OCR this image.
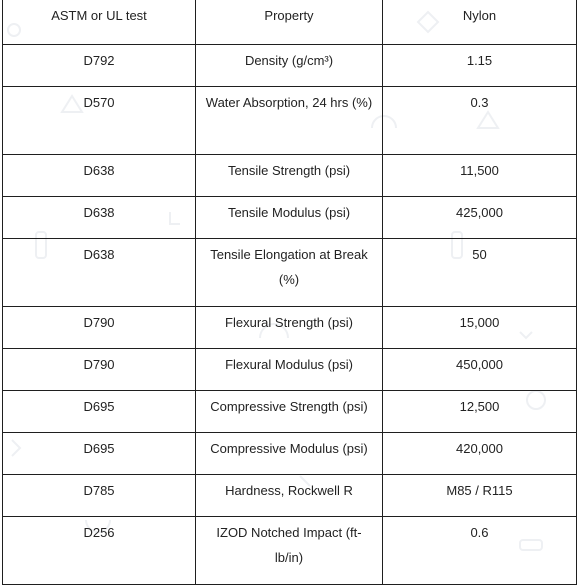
ASTM or UL test	Property	Nylon
D792	Density (g/cm³)	1.15
D570	Water Absorption, 24 hrs (%)	0.3
D638	Tensile Strength (psi)	11,500
D638	Tensile Modulus (psi)	425,000
D638	Tensile Elongation at Break (%)	50
D790	Flexural Strength (psi)	15,000
D790	Flexural Modulus (psi)	450,000
D695	Compressive Strength (psi)	12,500
D695	Compressive Modulus (psi)	420,000
D785	Hardness, Rockwell R	M85 / R115
D256	IZOD Notched Impact (ft-lb/in)	0.6
